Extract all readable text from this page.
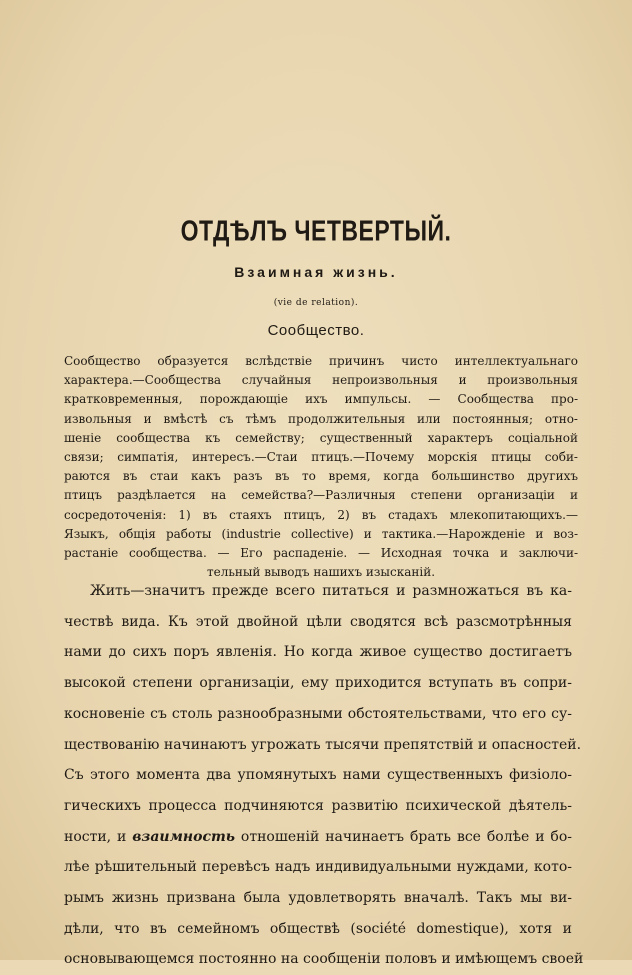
ОТДѢЛЪ ЧЕТВЕРТЫЙ.
Взаимная жизнь.
(vie de relation).
Сообщество.
Сообщество образуется вслѣдствіе причинъ чисто интеллектуальнаго
характера.—Сообщества случайныя непроизвольныя и произвольныя
кратковременныя, порождающіе ихъ импульсы. — Сообщества про-
извольныя и вмѣстѣ съ тѣмъ продолжительныя или постоянныя; отно-
шеніе сообщества къ семейству; существенный характеръ соціальной
связи; симпатія, интересъ.—Стаи птицъ.—Почему морскія птицы соби-
раются въ стаи какъ разъ въ то время, когда большинство другихъ
птицъ раздѣлается на семейства?—Различныя степени организаціи и
сосредоточенія: 1) въ стаяхъ птицъ, 2) въ стадахъ млекопитающихъ.—
Языкъ, общія работы (industrie collective) и тактика.—Нарожденіе и воз-
растаніе сообщества. — Его распаденіе. — Исходная точка и заключи-
тельный выводъ нашихъ изысканій.
Жить—значитъ прежде всего питаться и размножаться въ ка-
чествѣ вида. Къ этой двойной цѣли сводятся всѣ разсмотрѣнныя
нами до сихъ поръ явленія. Но когда живое существо достигаетъ
высокой степени организаціи, ему приходится вступать въ сопри-
косновеніе съ столь разнообразными обстоятельствами, что его су-
ществованію начинаютъ угрожать тысячи препятствій и опасностей.
Съ этого момента два упомянутыхъ нами существенныхъ физіоло-
гическихъ процесса подчиняются развитію психической дѣятель-
ности, и взаимность отношеній начинаетъ брать все болѣе и бо-
лѣе рѣшительный перевѣсъ надъ индивидуальными нуждами, кото-
рымъ жизнь призвана была удовлетворять вначалѣ. Такъ мы ви-
дѣли, что въ семейномъ обществѣ (société domestique), хотя и
основывающемся постоянно на сообщеніи половъ и имѣющемъ своей
